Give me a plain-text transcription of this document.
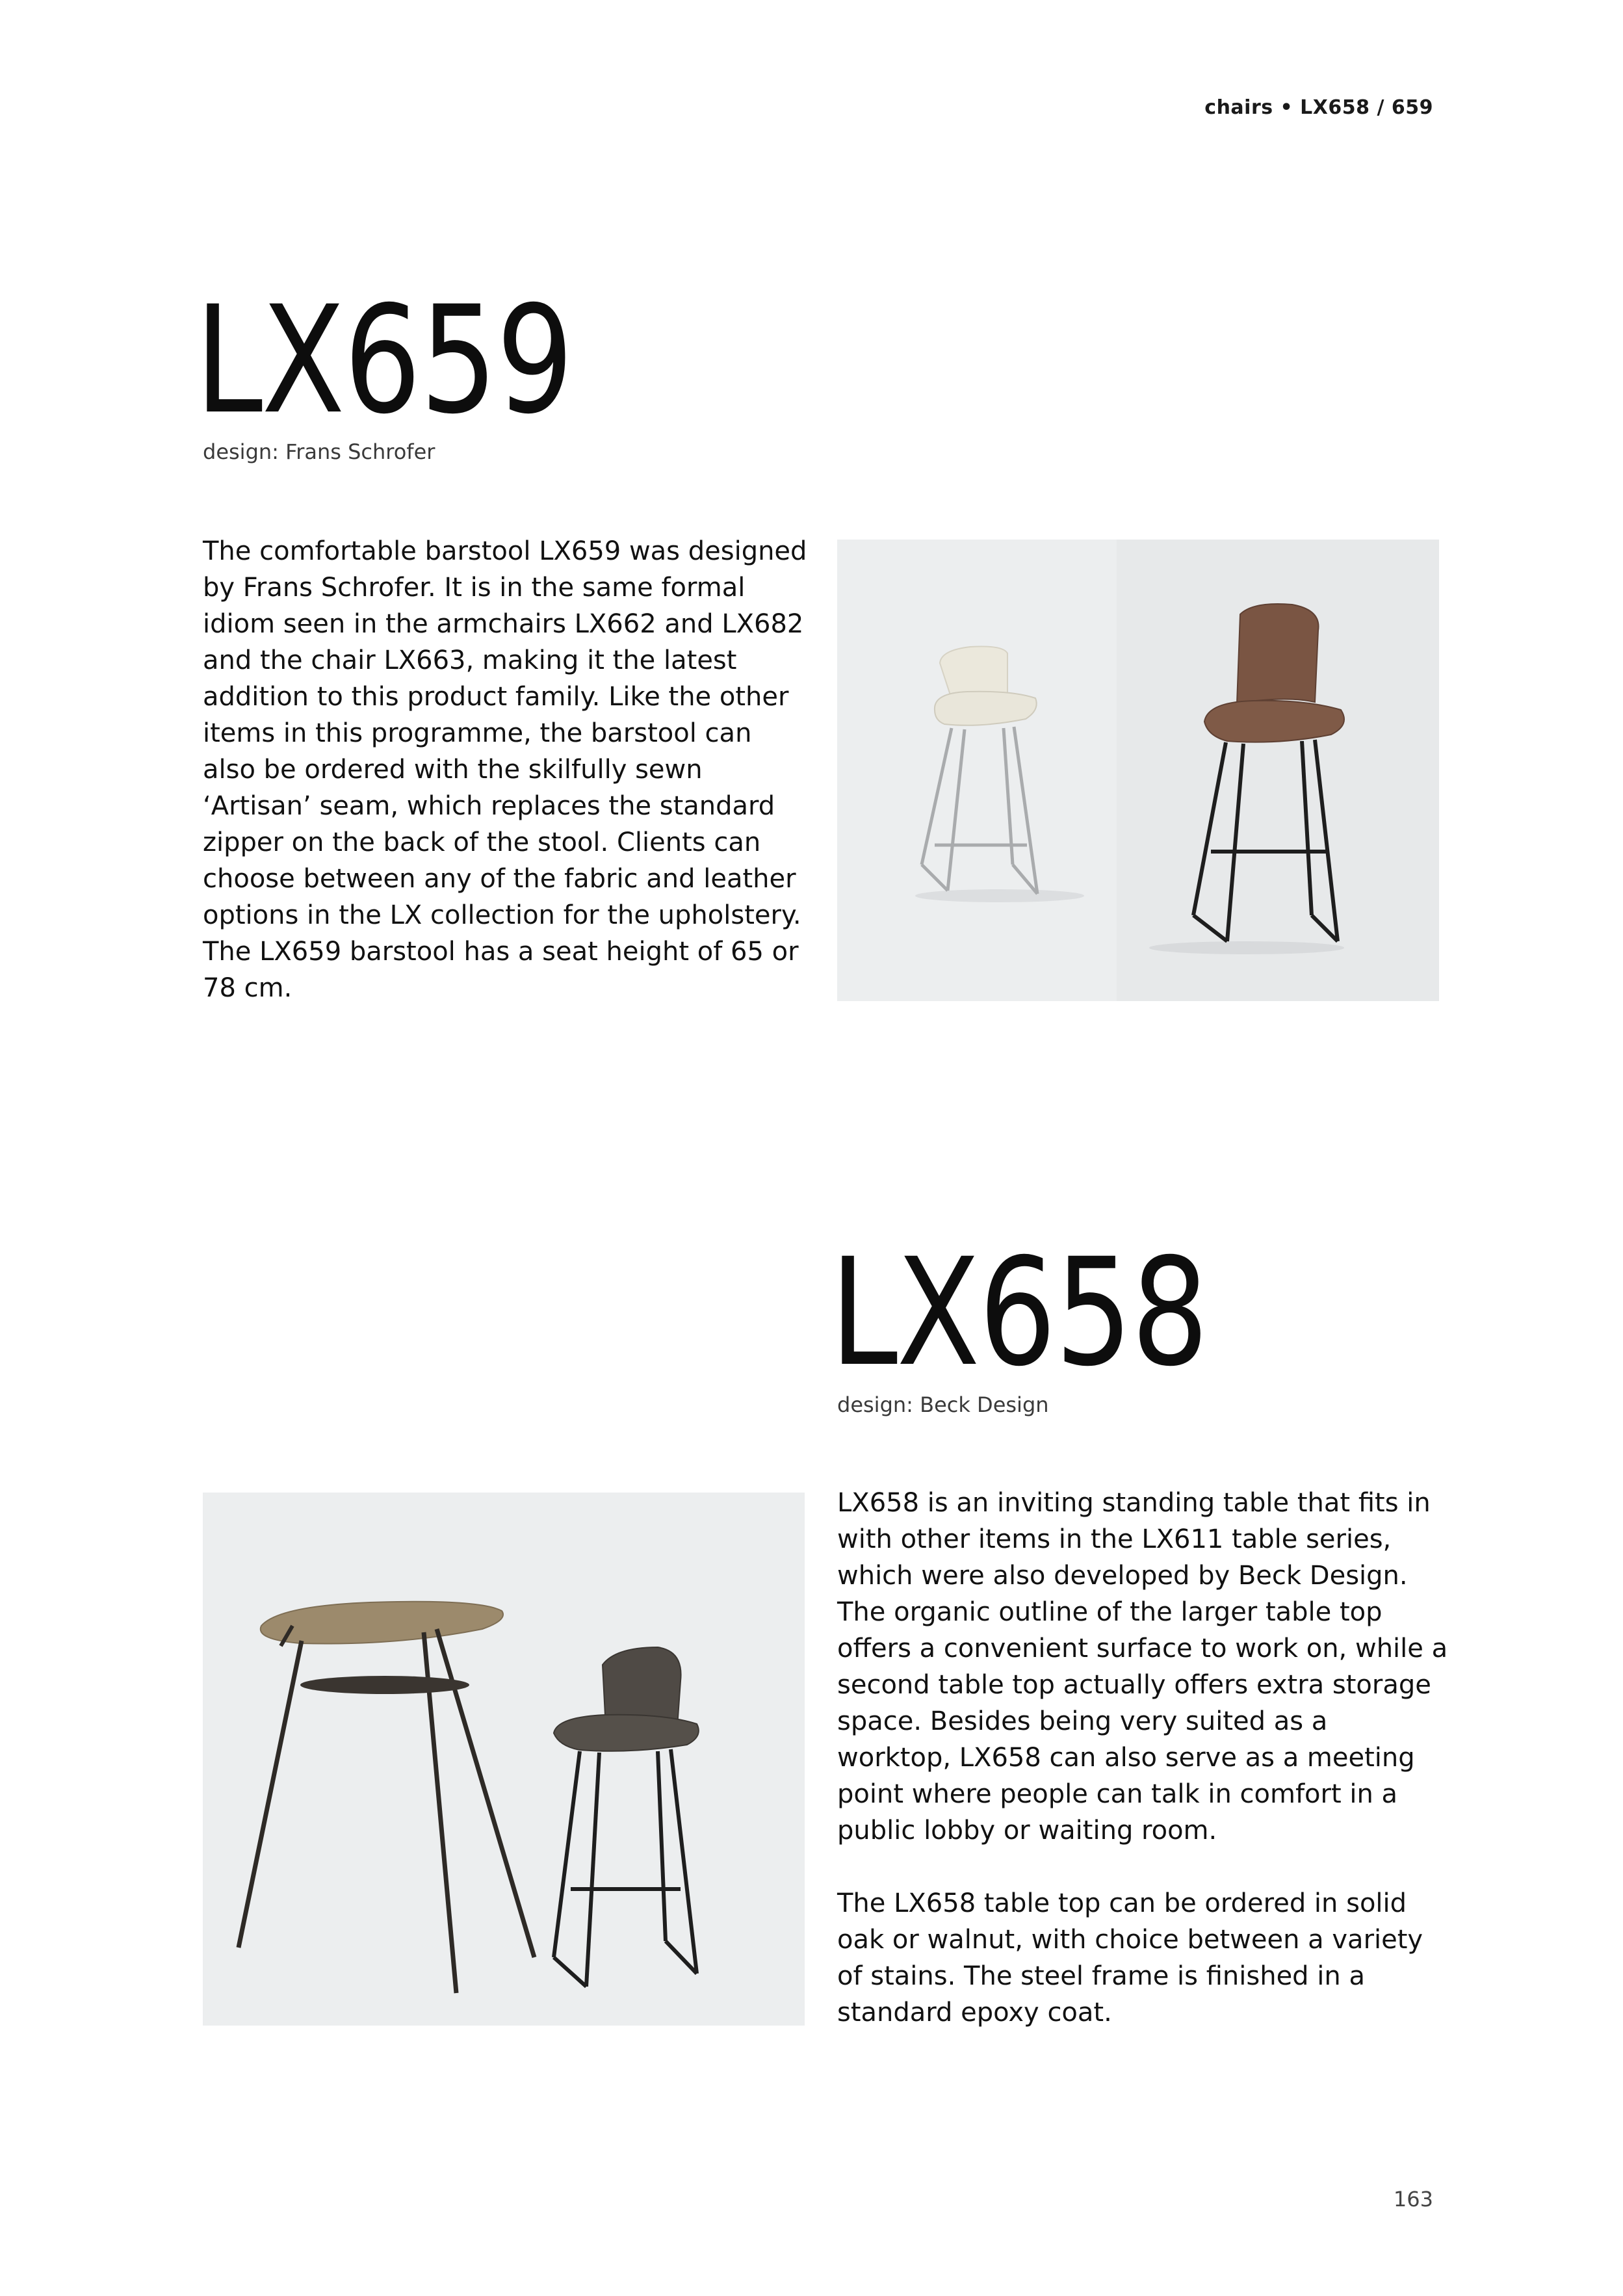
chairs • LX658 / 659
LX659
design: Frans Schrofer

The comfortable barstool LX659 was designed by Frans Schrofer. It is in the same formal idiom seen in the armchairs LX662 and LX682 and the chair LX663, making it the latest addition to this product family. Like the other items in this programme, the barstool can also be ordered with the skilfully sewn ‘Artisan’ seam, which replaces the standard zipper on the back of the stool. Clients can choose between any of the fabric and leather options in the LX collection for the upholstery. The LX659 barstool has a seat height of 65 or 78 cm.

LX658
design: Beck Design

LX658 is an inviting standing table that fits in with other items in the LX611 table series, which were also developed by Beck Design. The organic outline of the larger table top offers a convenient surface to work on, while a second table top actually offers extra storage space. Besides being very suited as a worktop, LX658 can also serve as a meeting point where people can talk in comfort in a public lobby or waiting room.

The LX658 table top can be ordered in solid oak or walnut, with choice between a variety of stains. The steel frame is finished in a standard epoxy coat.

163
